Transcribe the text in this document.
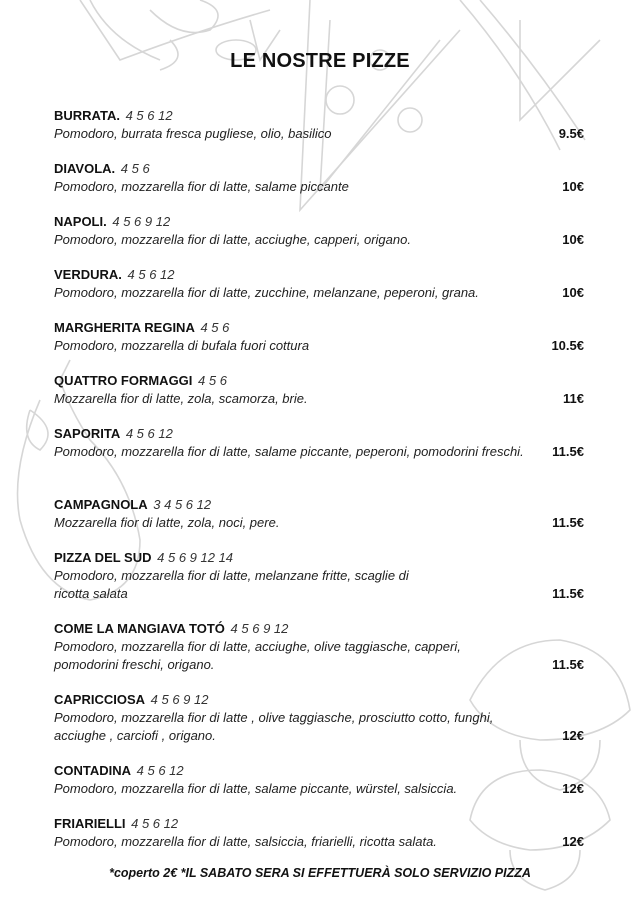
LE NOSTRE PIZZE
BURRATA. 4 5 6 12
Pomodoro, burrata fresca pugliese, olio, basilico	9.5€
DIAVOLA. 4 5 6
Pomodoro, mozzarella fior di latte, salame piccante	10€
NAPOLI. 4 5 6 9 12
Pomodoro, mozzarella fior di latte, acciughe, capperi, origano.	10€
VERDURA. 4 5 6 12
Pomodoro, mozzarella fior di latte, zucchine, melanzane, peperoni, grana.	10€
MARGHERITA REGINA 4 5 6
Pomodoro, mozzarella di bufala fuori cottura	10.5€
QUATTRO FORMAGGI 4 5 6
Mozzarella fior di latte, zola, scamorza, brie.	11€
SAPORITA 4 5 6 12
Pomodoro, mozzarella fior di latte, salame piccante, peperoni, pomodorini freschi.	11.5€
CAMPAGNOLA 3 4 5 6 12
Mozzarella fior di latte, zola, noci, pere.	11.5€
PIZZA DEL SUD 4 5 6 9 12 14
Pomodoro, mozzarella fior di latte, melanzane fritte, scaglie di ricotta salata	11.5€
COME LA MANGIAVA TOTÓ 4 5 6 9 12
Pomodoro, mozzarella fior di latte, acciughe, olive taggiasche, capperi, pomodorini freschi, origano.	11.5€
CAPRICCIOSA 4 5 6 9 12
Pomodoro, mozzarella fior di latte , olive taggiasche, prosciutto cotto, funghi, acciughe , carciofi , origano.	12€
CONTADINA 4 5 6 12
Pomodoro, mozzarella fior di latte, salame piccante, würstel, salsiccia.	12€
FRIARIELLI 4 5 6 12
Pomodoro, mozzarella fior di latte, salsiccia, friarielli, ricotta salata.	12€
*coperto 2€ *IL SABATO SERA SI EFFETTUERÀ SOLO SERVIZIO PIZZA
